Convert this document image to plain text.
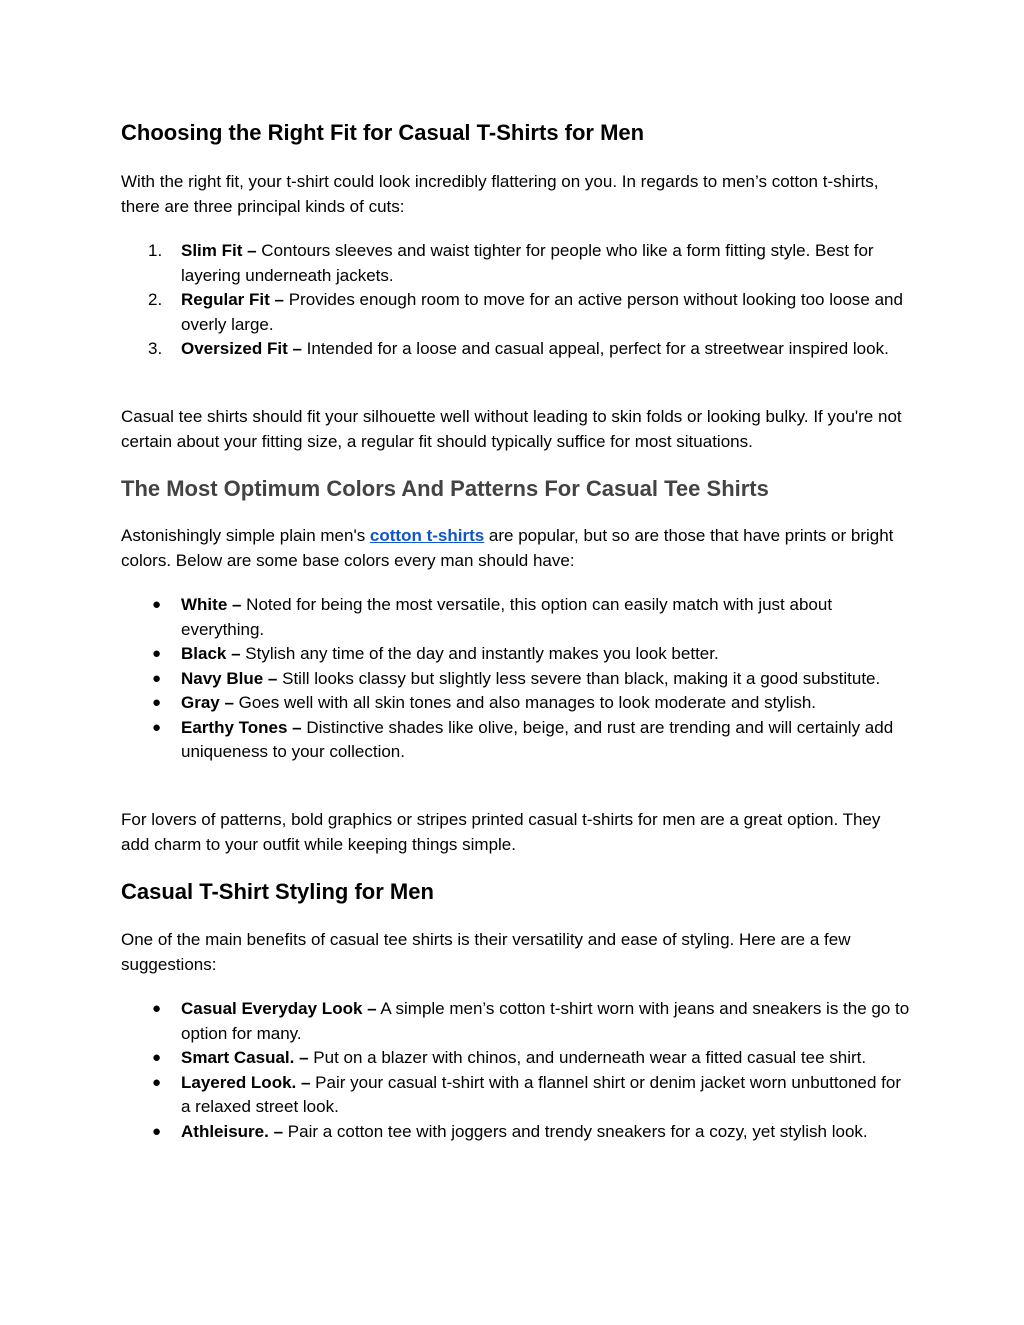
Choosing the Right Fit for Casual T-Shirts for Men

With the right fit, your t-shirt could look incredibly flattering on you. In regards to men’s cotton t-shirts, there are three principal kinds of cuts:

1. Slim Fit – Contours sleeves and waist tighter for people who like a form fitting style. Best for layering underneath jackets.
2. Regular Fit – Provides enough room to move for an active person without looking too loose and overly large.
3. Oversized Fit – Intended for a loose and casual appeal, perfect for a streetwear inspired look.

Casual tee shirts should fit your silhouette well without leading to skin folds or looking bulky. If you're not certain about your fitting size, a regular fit should typically suffice for most situations.

The Most Optimum Colors And Patterns For Casual Tee Shirts

Astonishingly simple plain men's cotton t-shirts are popular, but so are those that have prints or bright colors. Below are some base colors every man should have:

● White – Noted for being the most versatile, this option can easily match with just about everything.
● Black – Stylish any time of the day and instantly makes you look better.
● Navy Blue – Still looks classy but slightly less severe than black, making it a good substitute.
● Gray – Goes well with all skin tones and also manages to look moderate and stylish.
● Earthy Tones – Distinctive shades like olive, beige, and rust are trending and will certainly add uniqueness to your collection.

For lovers of patterns, bold graphics or stripes printed casual t-shirts for men are a great option. They add charm to your outfit while keeping things simple.

Casual T-Shirt Styling for Men

One of the main benefits of casual tee shirts is their versatility and ease of styling. Here are a few suggestions:

● Casual Everyday Look – A simple men’s cotton t-shirt worn with jeans and sneakers is the go to option for many.
● Smart Casual. – Put on a blazer with chinos, and underneath wear a fitted casual tee shirt.
● Layered Look. – Pair your casual t-shirt with a flannel shirt or denim jacket worn unbuttoned for a relaxed street look.
● Athleisure. – Pair a cotton tee with joggers and trendy sneakers for a cozy, yet stylish look.
